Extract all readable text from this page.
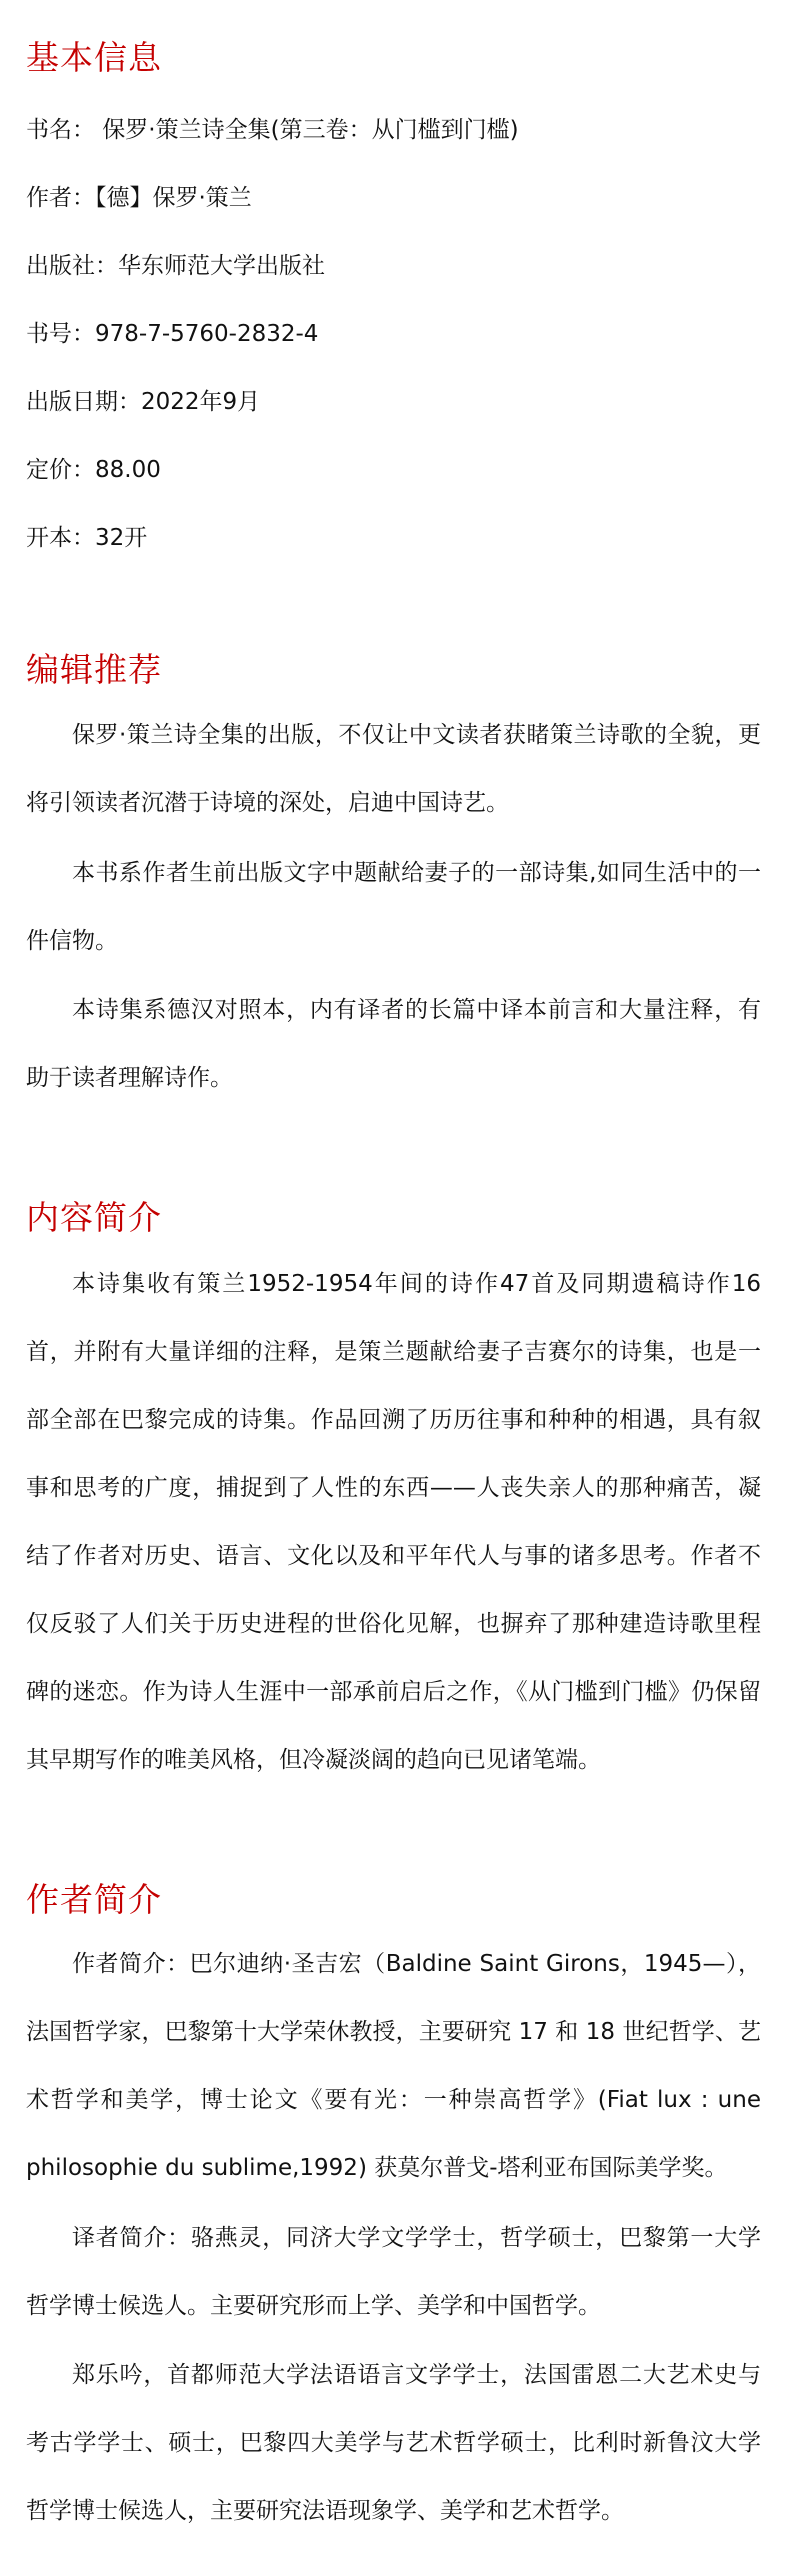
基本信息

书名： 保罗·策兰诗全集(第三卷：从门槛到门槛)

作者：【德】保罗·策兰

出版社：华东师范大学出版社

书号：978-7-5760-2832-4

出版日期：2022年9月

定价：88.00

开本：32开

编辑推荐

保罗·策兰诗全集的出版，不仅让中文读者获睹策兰诗歌的全貌，更将引领读者沉潜于诗境的深处，启迪中国诗艺。

本书系作者生前出版文字中题献给妻子的一部诗集,如同生活中的一件信物。

本诗集系德汉对照本，内有译者的长篇中译本前言和大量注释，有助于读者理解诗作。

内容简介

本诗集收有策兰1952-1954年间的诗作47首及同期遗稿诗作16首，并附有大量详细的注释，是策兰题献给妻子吉赛尔的诗集，也是一部全部在巴黎完成的诗集。作品回溯了历历往事和种种的相遇，具有叙事和思考的广度，捕捉到了人性的东西——人丧失亲人的那种痛苦，凝结了作者对历史、语言、文化以及和平年代人与事的诸多思考。作者不仅反驳了人们关于历史进程的世俗化见解，也摒弃了那种建造诗歌里程碑的迷恋。作为诗人生涯中一部承前启后之作，《从门槛到门槛》仍保留其早期写作的唯美风格，但冷凝淡阔的趋向已见诸笔端。

作者简介

作者简介：巴尔迪纳·圣吉宏（Baldine Saint Girons，1945—），法国哲学家，巴黎第十大学荣休教授，主要研究 17 和 18 世纪哲学、艺术哲学和美学，博士论文《要有光：一种崇高哲学》(Fiat lux : une philosophie du sublime,1992) 获莫尔普戈-塔利亚布国际美学奖。

译者简介：骆燕灵，同济大学文学学士，哲学硕士，巴黎第一大学哲学博士候选人。主要研究形而上学、美学和中国哲学。

郑乐吟，首都师范大学法语语言文学学士，法国雷恩二大艺术史与考古学学士、硕士，巴黎四大美学与艺术哲学硕士，比利时新鲁汶大学哲学博士候选人，主要研究法语现象学、美学和艺术哲学。
